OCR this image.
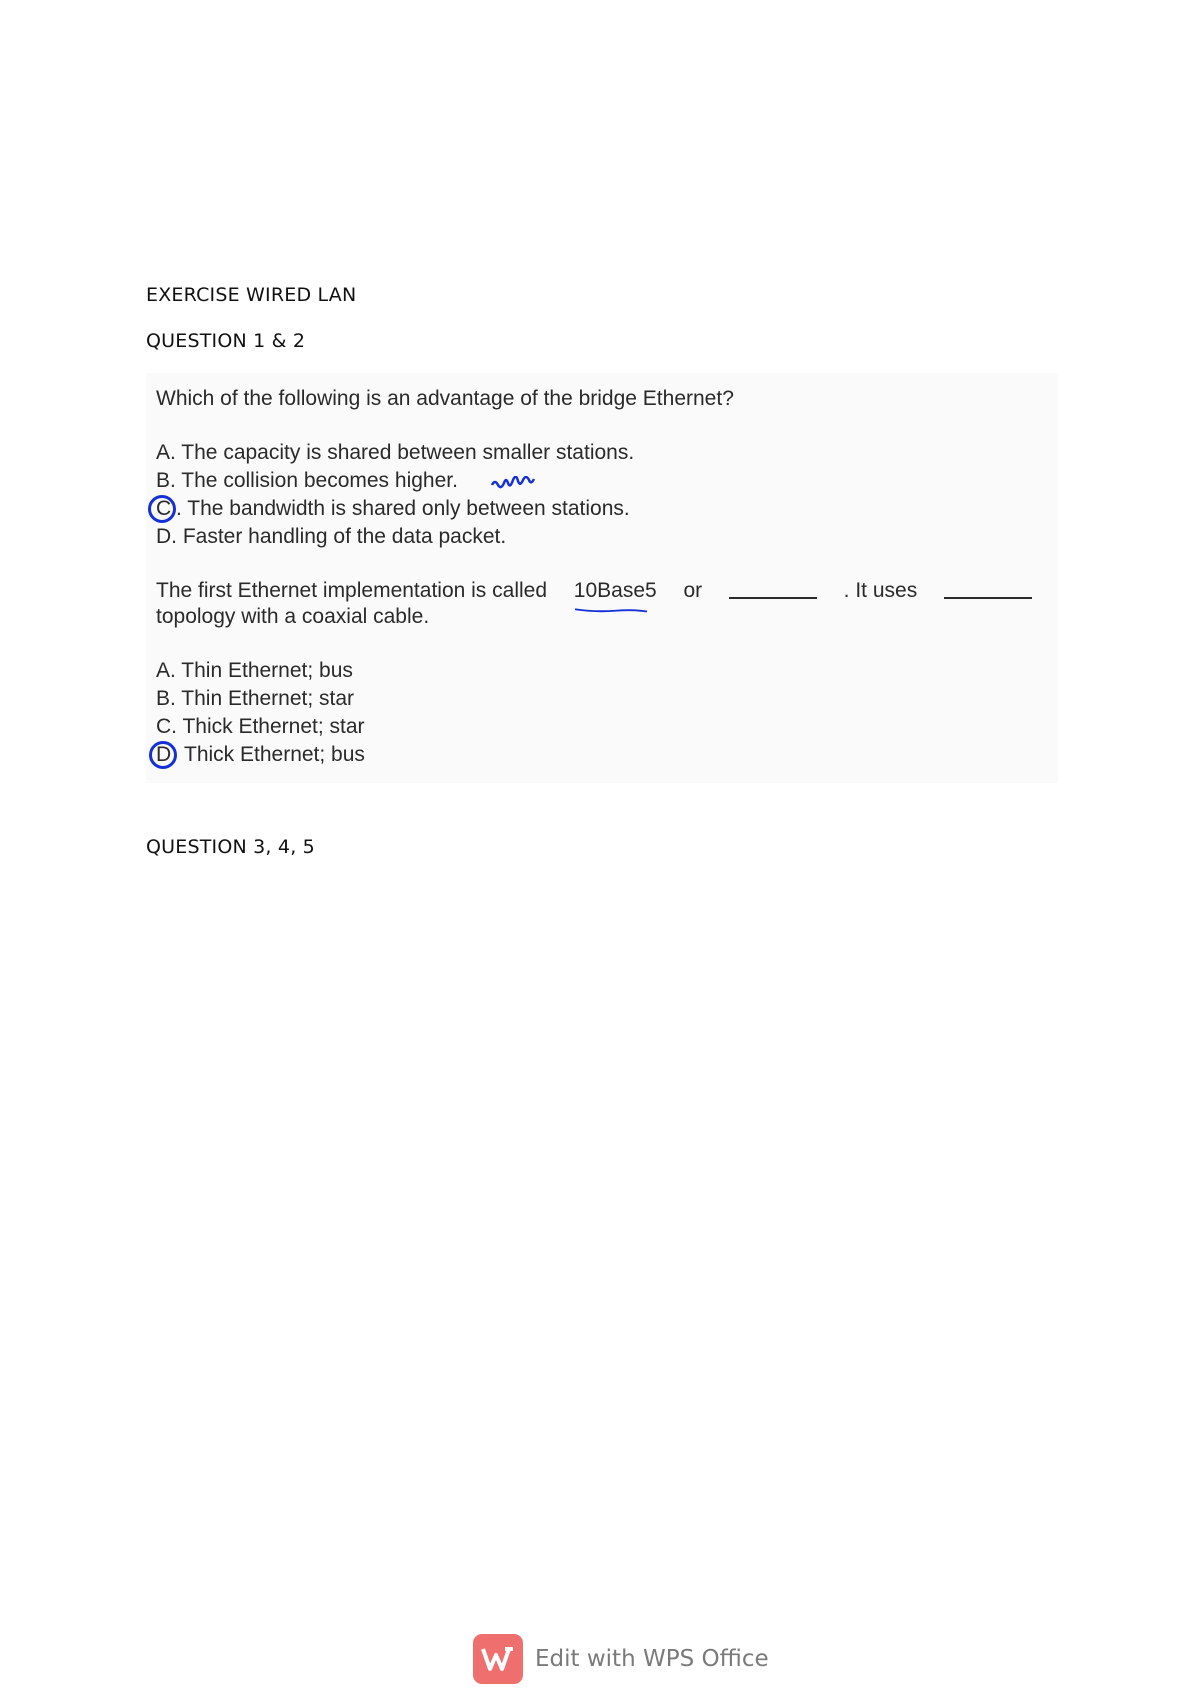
EXERCISE WIRED LAN
QUESTION 1 & 2
Which of the following is an advantage of the bridge Ethernet?
A. The capacity is shared between smaller stations.
B. The collision becomes higher.
. The bandwidth is shared only between stations.
C
D. Faster handling of the data packet.
The first Ethernet implementation is called 10Base5 or	. It uses
topology with a coaxial cable.
A. Thin Ethernet; bus
B. Thin Ethernet; star
C. Thick Ethernet; star
D Thick Ethernet; bus
QUESTION 3, 4, 5
Edit with WPS Office
